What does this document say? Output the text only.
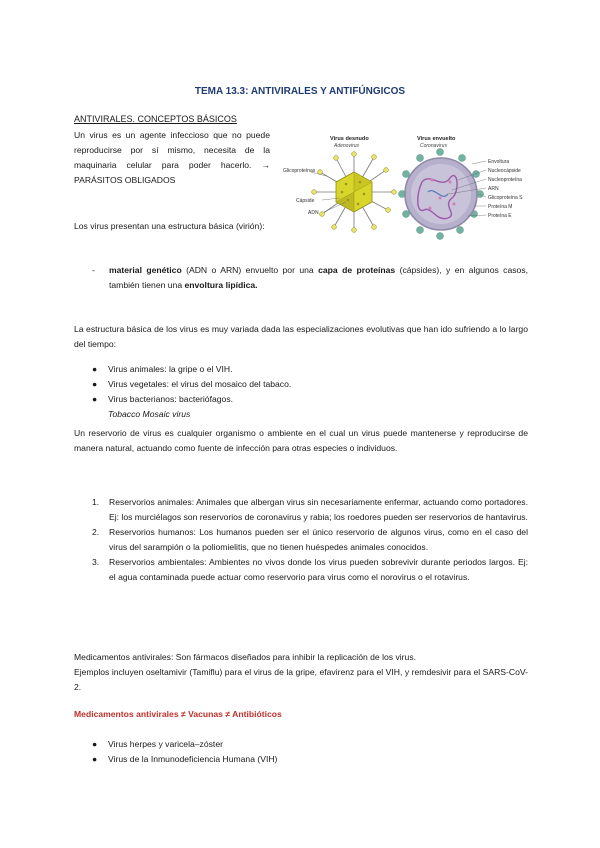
TEMA 13.3: ANTIVIRALES Y ANTIFÚNGICOS
ANTIVIRALES. CONCEPTOS BÁSICOS
Un virus es un agente infeccioso que no puede reproducirse por sí mismo, necesita de la maquinaria celular para poder hacerlo. → PARÁSITOS OBLIGADOS
Virus desnudo
Adenovirus
Glicoproteínas
Cápside
ADN
Virus envuelto
Coronavirus
Envoltura
Nucleocápside
Nucleoproteína
ARN
Glicoproteína S
Proteína M
Proteína E
Los virus presentan una estructura básica (virión):
- material genético (ADN o ARN) envuelto por una capa de proteínas (cápsides), y en algunos casos, también tienen una envoltura lipídica.
La estructura básica de los virus es muy variada dada las especializaciones evolutivas que han ido sufriendo a lo largo del tiempo:
● Virus animales: la gripe o el VIH.
● Virus vegetales: el virus del mosaico del tabaco.
● Virus bacterianos: bacteriófagos.
Tobacco Mosaic virus
Un reservorio de virus es cualquier organismo o ambiente en el cual un virus puede mantenerse y reproducirse de manera natural, actuando como fuente de infección para otras especies o individuos.
1. Reservorios animales: Animales que albergan virus sin necesariamente enfermar, actuando como portadores. Ej: los murciélagos son reservorios de coronavirus y rabia; los roedores pueden ser reservorios de hantavirus.
2. Reservorios humanos: Los humanos pueden ser el único reservorio de algunos virus, como en el caso del virus del sarampión o la poliomielitis, que no tienen huéspedes animales conocidos.
3. Reservorios ambientales: Ambientes no vivos donde los virus pueden sobrevivir durante periodos largos. Ej: el agua contaminada puede actuar como reservorio para virus como el norovirus o el rotavirus.
Medicamentos antivirales: Son fármacos diseñados para inhibir la replicación de los virus.
Ejemplos incluyen oseltamivir (Tamiflu) para el virus de la gripe, efavirenz para el VIH, y remdesivir para el SARS-CoV-2.
Medicamentos antivirales ≠ Vacunas ≠ Antibióticos
● Virus herpes y varicela–zóster
● Virus de la Inmunodeficiencia Humana (VIH)
